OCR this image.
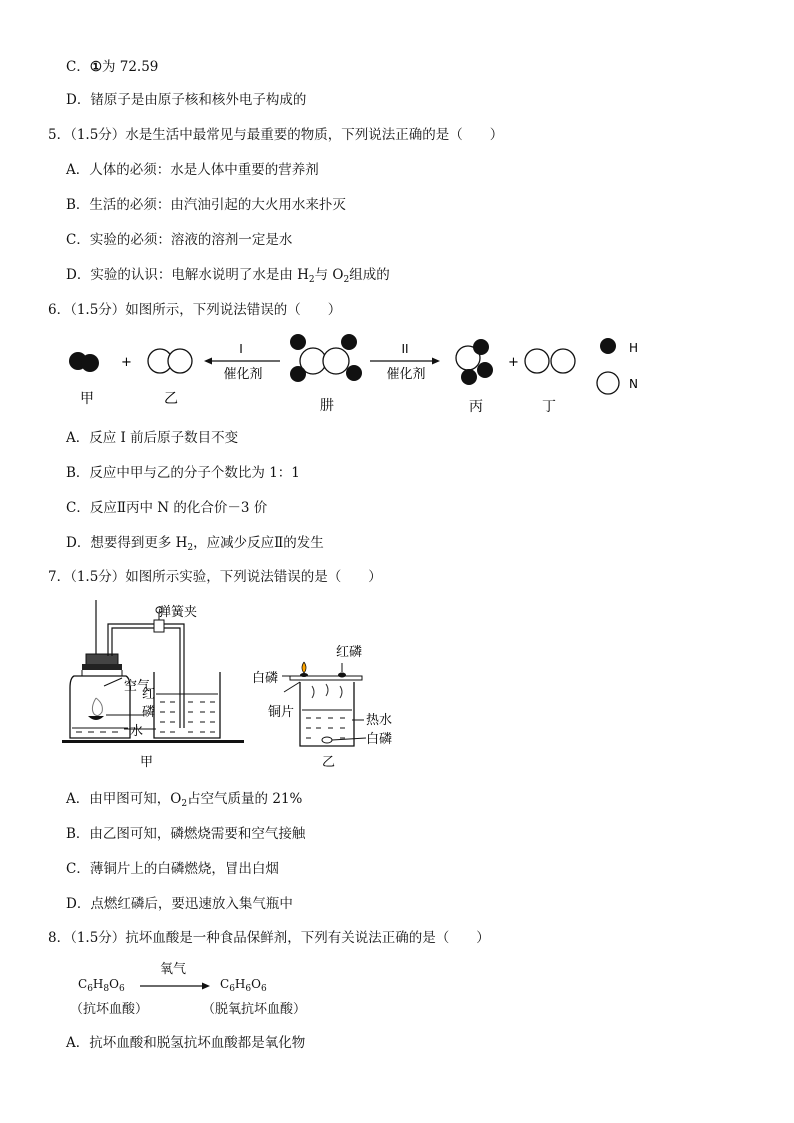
C．①为 72.59
D．锗原子是由原子核和核外电子构成的
5．（1.5分）水是生活中最常见与最重要的物质，下列说法正确的是（　　）
A．人体的必须：水是人体中重要的营养剂
B．生活的必须：由汽油引起的大火用水来扑灭
C．实验的必须：溶液的溶剂一定是水
D．实验的认识：电解水说明了水是由 $H_2$与 $O_2$组成的
6．（1.5分）如图所示，下列说法错误的（　　）
甲
+
乙
I
催化剂
肼
II
催化剂
丙
+
丁
H
N
A．反应 I 前后原子数目不变
B．反应中甲与乙的分子个数比为 1：1
C．反应Ⅱ丙中 N 的化合价－3 价
D．想要得到更多 $H_2$，应减少反应Ⅱ的发生
7．（1.5分）如图所示实验，下列说法错误的是（　　）
弹簧夹
空气
红
磷
水
甲
红磷
白磷
铜片
热水
白磷
乙
A．由甲图可知，$O_2$占空气质量的 21%
B．由乙图可知，磷燃烧需要和空气接触
C．薄铜片上的白磷燃烧，冒出白烟
D．点燃红磷后，要迅速放入集气瓶中
8．（1.5分）抗坏血酸是一种食品保鲜剂，下列有关说法正确的是（　　）
$C_6H_8O_6$
氧气
$C_6H_6O_6$
（抗坏血酸）	（脱氧抗坏血酸）
A．抗坏血酸和脱氢抗坏血酸都是氧化物
